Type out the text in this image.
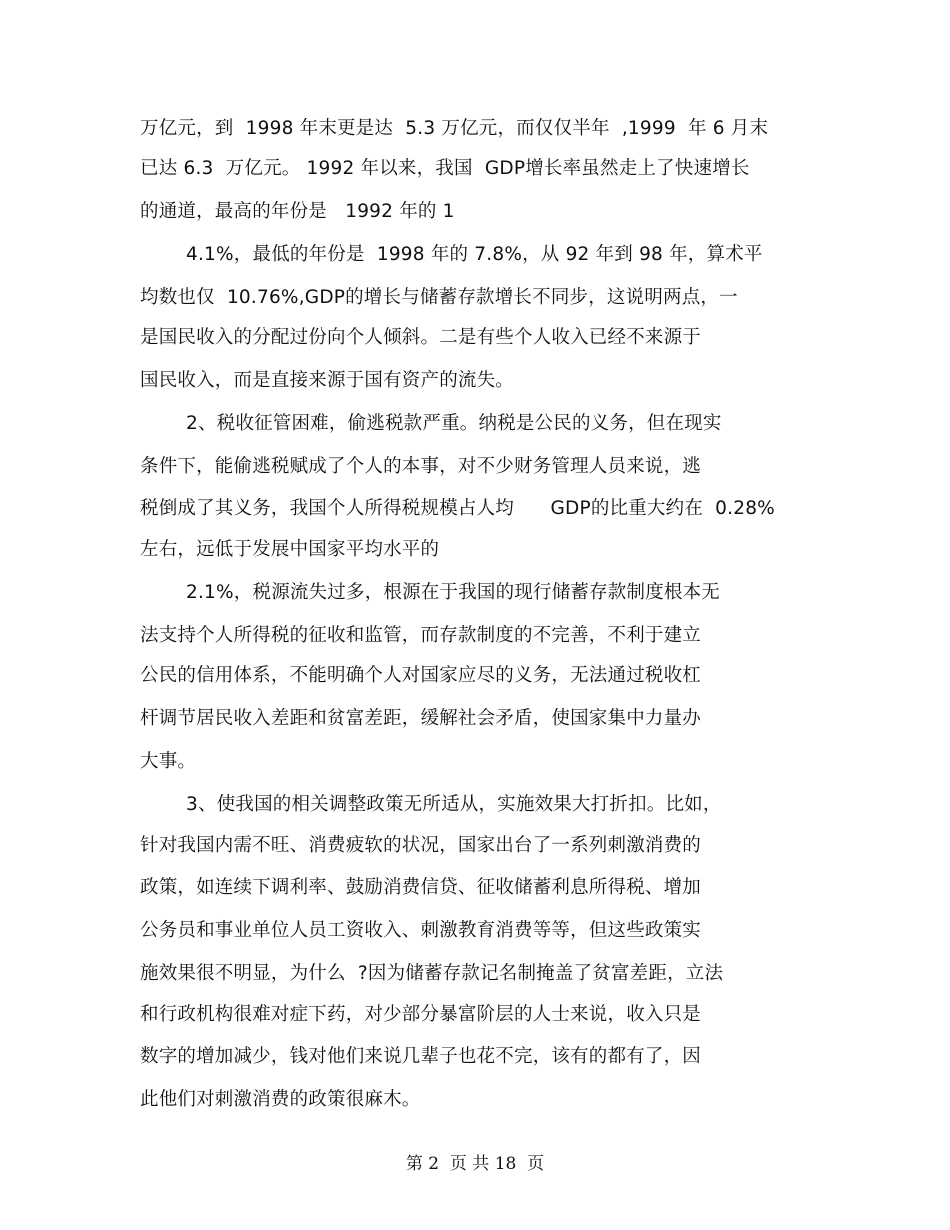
万亿元，到  1998 年末更是达  5.3 万亿元，而仅仅半年  ,1999  年 6 月末
已达 6.3  万亿元。 1992 年以来，我国  GDP增长率虽然走上了快速增长
的通道，最高的年份是   1992 年的 1
4.1%，最低的年份是  1998 年的 7.8%，从 92 年到 98 年，算术平
均数也仅  10.76%,GDP的增长与储蓄存款增长不同步，这说明两点，一
是国民收入的分配过份向个人倾斜。二是有些个人收入已经不来源于
国民收入，而是直接来源于国有资产的流失。
2、税收征管困难，偷逃税款严重。纳税是公民的义务，但在现实
条件下，能偷逃税赋成了个人的本事，对不少财务管理人员来说，逃
税倒成了其义务，我国个人所得税规模占人均      GDP的比重大约在  0.28%
左右，远低于发展中国家平均水平的
2.1%，税源流失过多，根源在于我国的现行储蓄存款制度根本无
法支持个人所得税的征收和监管，而存款制度的不完善，不利于建立
公民的信用体系，不能明确个人对国家应尽的义务，无法通过税收杠
杆调节居民收入差距和贫富差距，缓解社会矛盾，使国家集中力量办
大事。
3、使我国的相关调整政策无所适从，实施效果大打折扣。比如，
针对我国内需不旺、消费疲软的状况，国家出台了一系列刺激消费的
政策，如连续下调利率、鼓励消费信贷、征收储蓄利息所得税、增加
公务员和事业单位人员工资收入、刺激教育消费等等，但这些政策实
施效果很不明显，为什么  ?因为储蓄存款记名制掩盖了贫富差距，立法
和行政机构很难对症下药，对少部分暴富阶层的人士来说，收入只是
数字的增加减少，钱对他们来说几辈子也花不完，该有的都有了，因
此他们对刺激消费的政策很麻木。
第 2  页 共 18  页
